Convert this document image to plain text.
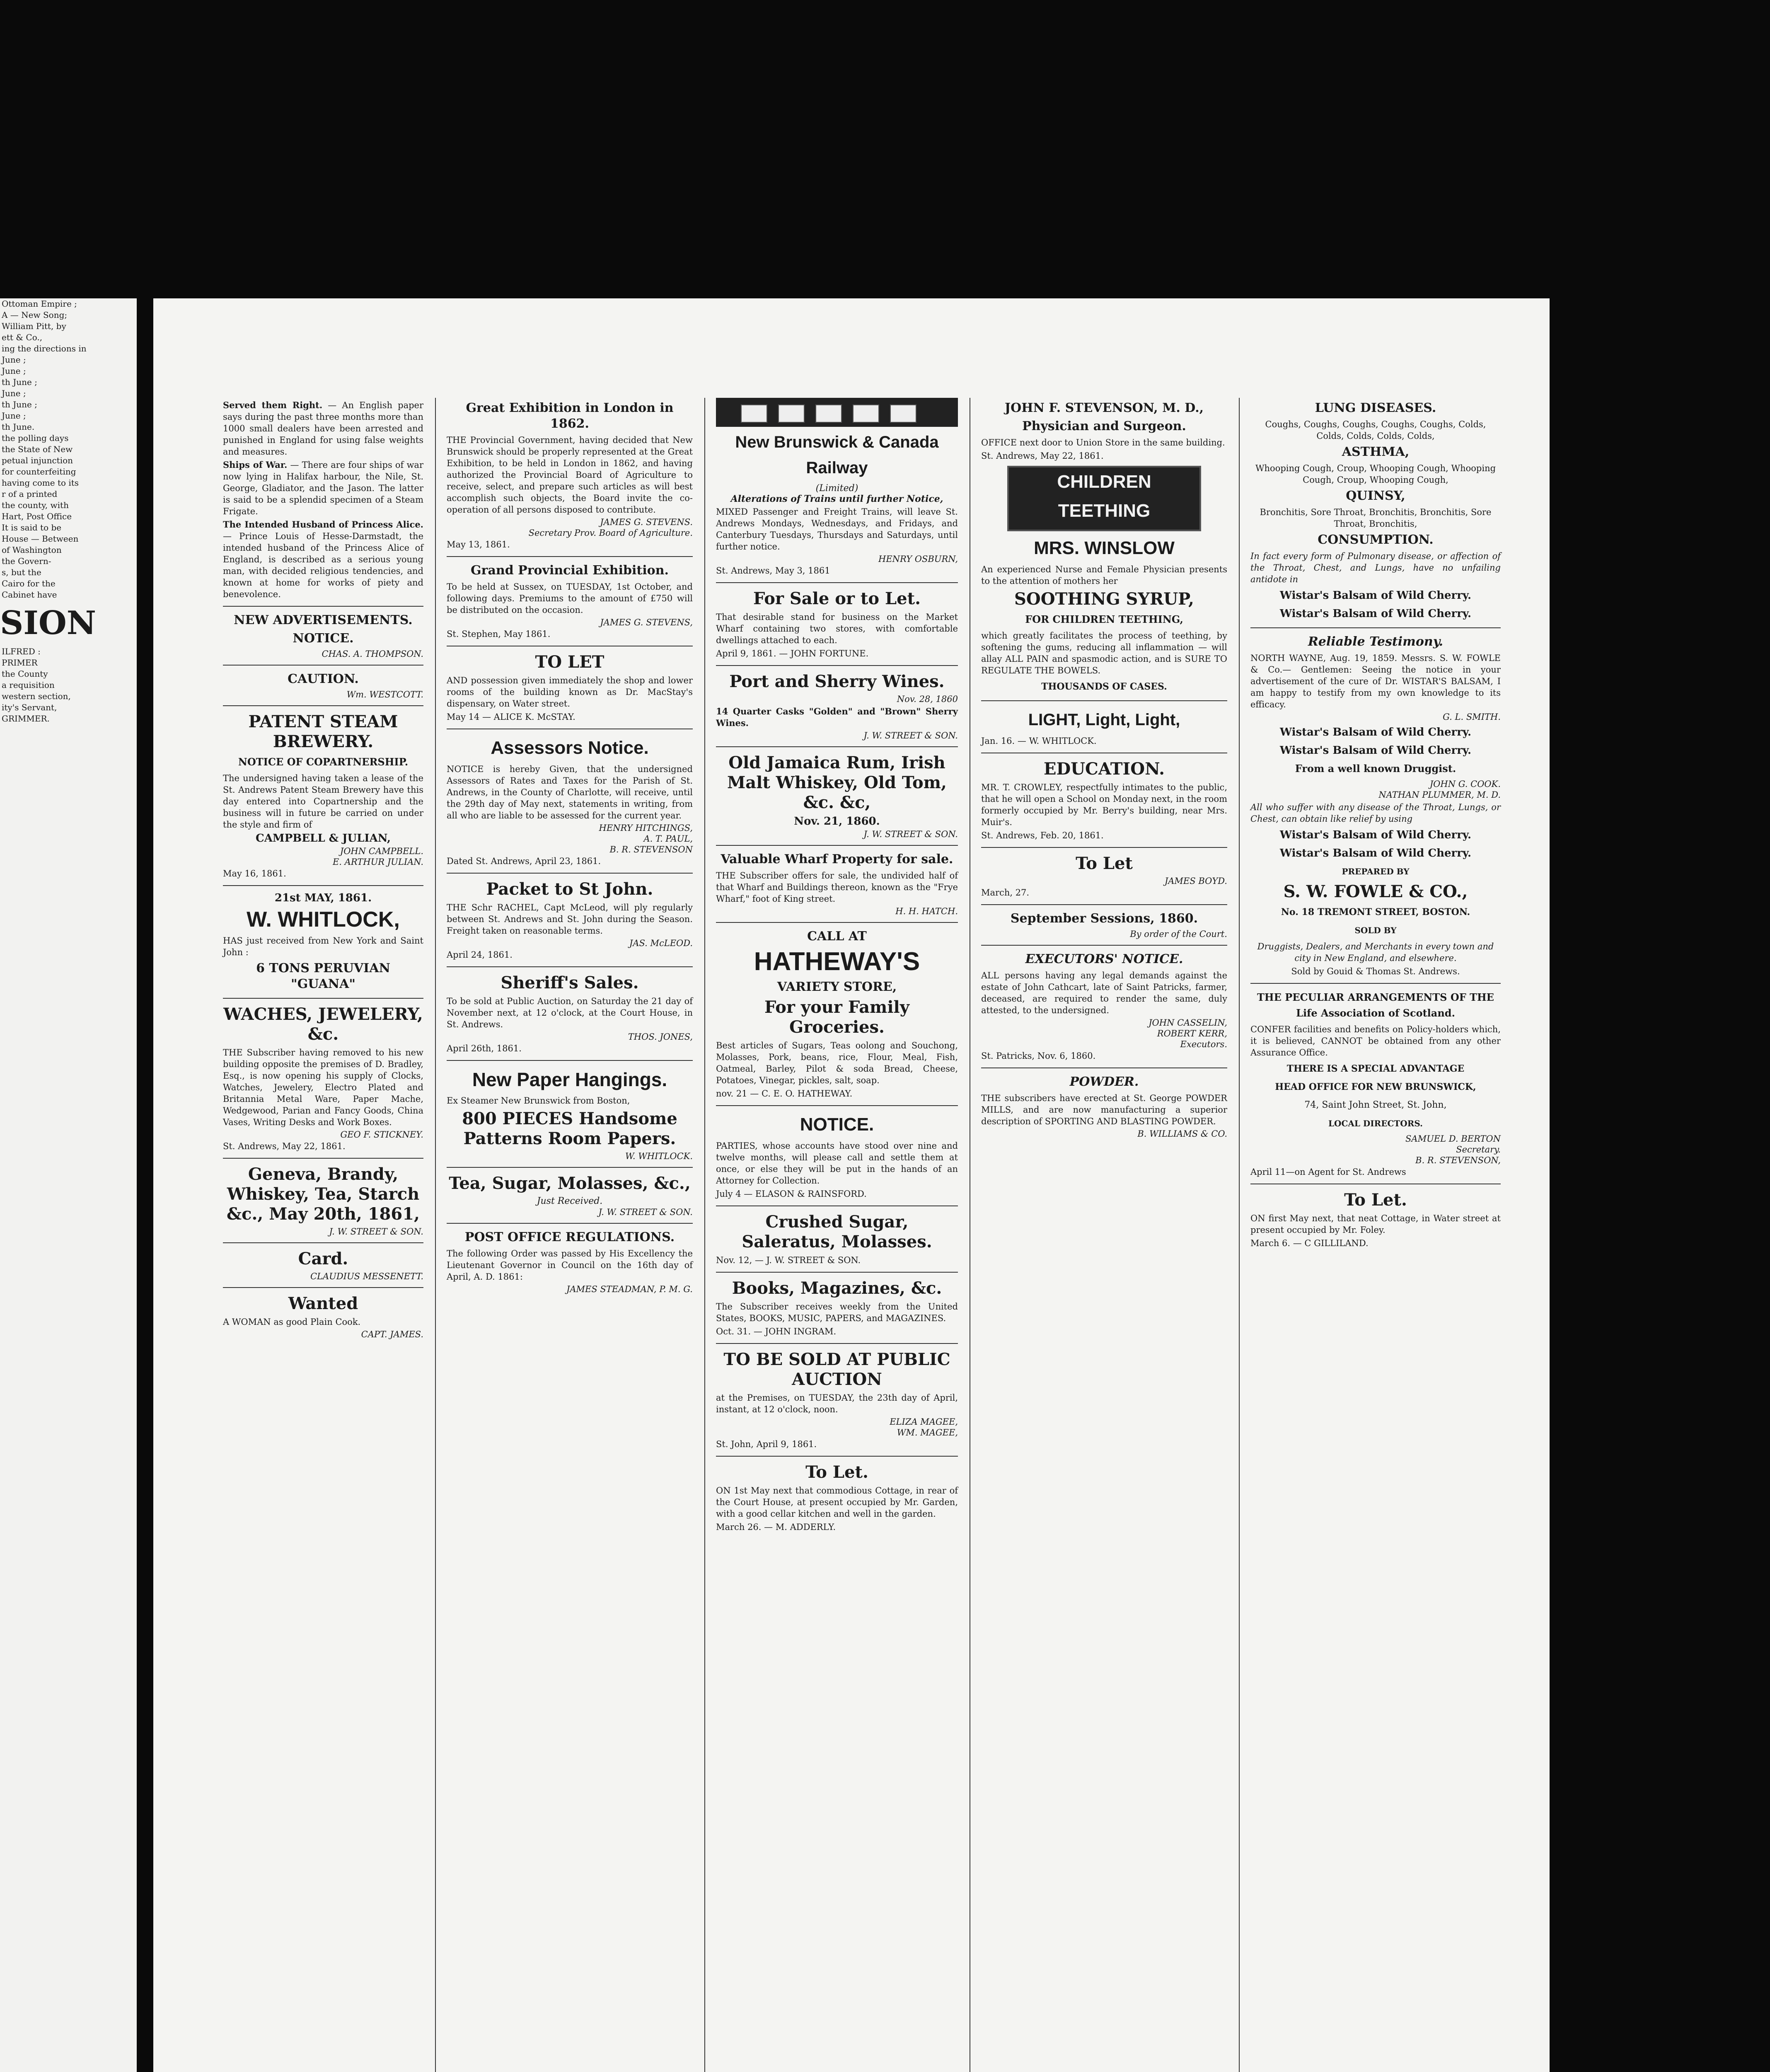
Ottoman Empire ;

A — New Song;

William Pitt, by

ett & Co.,

ing the directions in

June ;

June ;

th June ;

June ;

th June ;

June ;

th June.

the polling days

the State of New

petual injunction

for counterfeiting

having come to its

r of a printed

the county, with

Hart, Post Office

It is said to be

House — Between

of Washington

the Govern-

s, but the

Cairo for the

Cabinet have

SION

ILFRED :

PRIMER

the County

a requisition

western section,

ity's Servant,

GRIMMER.

Served them Right. — An English paper says during the past three months more than 1000 small dealers have been arrested and punished in England for using false weights and measures.

Ships of War. — There are four ships of war now lying in Halifax harbour, the Nile, St. George, Gladiator, and the Jason. The latter is said to be a splendid specimen of a Steam Frigate.

The Intended Husband of Princess Alice. — Prince Louis of Hesse-Darmstadt, the intended husband of the Princess Alice of England, is described as a serious young man, with decided religious tendencies, and known at home for works of piety and benevolence.

NEW ADVERTISEMENTS.
NOTICE.
CHAS. A. THOMPSON.
CAUTION.
Wm. WESTCOTT.
PATENT STEAM BREWERY.
NOTICE OF COPARTNERSHIP.

The undersigned having taken a lease of the St. Andrews Patent Steam Brewery have this day entered into Copartnership and the business will in future be carried on under the style and firm of

CAMPBELL & JULIAN,
JOHN CAMPBELL.
E. ARTHUR JULIAN.

May 16, 1861.

21st MAY, 1861.
W. WHITLOCK,

HAS just received from New York and Saint John :

6 TONS PERUVIAN "GUANA"
WACHES, JEWELERY, &c.

THE Subscriber having removed to his new building opposite the premises of D. Bradley, Esq., is now opening his supply of Clocks, Watches, Jewelery, Electro Plated and Britannia Metal Ware, Paper Mache, Wedgewood, Parian and Fancy Goods, China Vases, Writing Desks and Work Boxes.

GEO F. STICKNEY.

St. Andrews, May 22, 1861.

Geneva, Brandy, Whiskey, Tea, Starch &c., May 20th, 1861,
J. W. STREET & SON.
Card.
CLAUDIUS MESSENETT.
Wanted

A WOMAN as good Plain Cook.

CAPT. JAMES.
Great Exhibition in London in 1862.

THE Provincial Government, having decided that New Brunswick should be properly represented at the Great Exhibition, to be held in London in 1862, and having authorized the Provincial Board of Agriculture to receive, select, and prepare such articles as will best accomplish such objects, the Board invite the co-operation of all persons disposed to contribute.

JAMES G. STEVENS.
Secretary Prov. Board of Agriculture.

May 13, 1861.

Grand Provincial Exhibition.

To be held at Sussex, on TUESDAY, 1st October, and following days. Premiums to the amount of £750 will be distributed on the occasion.

JAMES G. STEVENS,

St. Stephen, May 1861.

TO LET

AND possession given immediately the shop and lower rooms of the building known as Dr. MacStay's dispensary, on Water street.

May 14 — ALICE K. McSTAY.

Assessors Notice.

NOTICE is hereby Given, that the undersigned Assessors of Rates and Taxes for the Parish of St. Andrews, in the County of Charlotte, will receive, until the 29th day of May next, statements in writing, from all who are liable to be assessed for the current year.

HENRY HITCHINGS,
A. T. PAUL,
B. R. STEVENSON

Dated St. Andrews, April 23, 1861.

Packet to St John.

THE Schr RACHEL, Capt McLeod, will ply regularly between St. Andrews and St. John during the Season. Freight taken on reasonable terms.

JAS. McLEOD.

April 24, 1861.

Sheriff's Sales.

To be sold at Public Auction, on Saturday the 21 day of November next, at 12 o'clock, at the Court House, in St. Andrews.

THOS. JONES,

April 26th, 1861.

New Paper Hangings.

Ex Steamer New Brunswick from Boston,

800 PIECES Handsome Patterns Room Papers.
W. WHITLOCK.
Tea, Sugar, Molasses, &c.,
Just Received.
J. W. STREET & SON.
POST OFFICE REGULATIONS.

The following Order was passed by His Excellency the Lieutenant Governor in Council on the 16th day of April, A. D. 1861:

JAMES STEADMAN, P. M. G.
New Brunswick & Canada Railway
(Limited)
Alterations of Trains until further Notice,

MIXED Passenger and Freight Trains, will leave St. Andrews Mondays, Wednesdays, and Fridays, and Canterbury Tuesdays, Thursdays and Saturdays, until further notice.

HENRY OSBURN,

St. Andrews, May 3, 1861

For Sale or to Let.

That desirable stand for business on the Market Wharf containing two stores, with comfortable dwellings attached to each.

April 9, 1861. — JOHN FORTUNE.

Port and Sherry Wines.
Nov. 28, 1860

14 Quarter Casks "Golden" and "Brown" Sherry Wines.

J. W. STREET & SON.
Old Jamaica Rum, Irish Malt Whiskey, Old Tom, &c. &c,
Nov. 21, 1860.
J. W. STREET & SON.
Valuable Wharf Property for sale.

THE Subscriber offers for sale, the undivided half of that Wharf and Buildings thereon, known as the "Frye Wharf," foot of King street.

H. H. HATCH.
CALL AT
HATHEWAY'S
VARIETY STORE,
For your Family Groceries.

Best articles of Sugars, Teas oolong and Souchong, Molasses, Pork, beans, rice, Flour, Meal, Fish, Oatmeal, Barley, Pilot & soda Bread, Cheese, Potatoes, Vinegar, pickles, salt, soap.

nov. 21 — C. E. O. HATHEWAY.

NOTICE.

PARTIES, whose accounts have stood over nine and twelve months, will please call and settle them at once, or else they will be put in the hands of an Attorney for Collection.

July 4 — ELASON & RAINSFORD.

Crushed Sugar, Saleratus, Molasses.

Nov. 12, — J. W. STREET & SON.

Books, Magazines, &c.

The Subscriber receives weekly from the United States, BOOKS, MUSIC, PAPERS, and MAGAZINES.

Oct. 31. — JOHN INGRAM.

TO BE SOLD AT PUBLIC AUCTION

at the Premises, on TUESDAY, the 23th day of April, instant, at 12 o'clock, noon.

ELIZA MAGEE,
WM. MAGEE,

St. John, April 9, 1861.

To Let.

ON 1st May next that commodious Cottage, in rear of the Court House, at present occupied by Mr. Garden, with a good cellar kitchen and well in the garden.

March 26. — M. ADDERLY.

JOHN F. STEVENSON, M. D.,
Physician and Surgeon.

OFFICE next door to Union Store in the same building.

St. Andrews, May 22, 1861.

CHILDREN TEETHING
MRS. WINSLOW

An experienced Nurse and Female Physician presents to the attention of mothers her

SOOTHING SYRUP,
FOR CHILDREN TEETHING,

which greatly facilitates the process of teething, by softening the gums, reducing all inflammation — will allay ALL PAIN and spasmodic action, and is SURE TO REGULATE THE BOWELS.

THOUSANDS OF CASES.
LIGHT, Light, Light,

Jan. 16. — W. WHITLOCK.

EDUCATION.

MR. T. CROWLEY, respectfully intimates to the public, that he will open a School on Monday next, in the room formerly occupied by Mr. Berry's building, near Mrs. Muir's.

St. Andrews, Feb. 20, 1861.

To Let
JAMES BOYD.

March, 27.

September Sessions, 1860.
By order of the Court.
EXECUTORS' NOTICE.

ALL persons having any legal demands against the estate of John Cathcart, late of Saint Patricks, farmer, deceased, are required to render the same, duly attested, to the undersigned.

JOHN CASSELIN,
ROBERT KERR,
Executors.

St. Patricks, Nov. 6, 1860.

POWDER.

THE subscribers have erected at St. George POWDER MILLS, and are now manufacturing a superior description of SPORTING AND BLASTING POWDER.

B. WILLIAMS & CO.
LUNG DISEASES.

Coughs, Coughs, Coughs, Coughs, Coughs, Colds, Colds, Colds, Colds, Colds,

ASTHMA,

Whooping Cough, Croup, Whooping Cough, Whooping Cough, Croup, Whooping Cough,

QUINSY,

Bronchitis, Sore Throat, Bronchitis, Bronchitis, Sore Throat, Bronchitis,

CONSUMPTION.

In fact every form of Pulmonary disease, or affection of the Throat, Chest, and Lungs, have no unfailing antidote in

Wistar's Balsam of Wild Cherry.
Wistar's Balsam of Wild Cherry.
Reliable Testimony.

NORTH WAYNE, Aug. 19, 1859. Messrs. S. W. FOWLE & Co.— Gentlemen: Seeing the notice in your advertisement of the cure of Dr. WISTAR'S BALSAM, I am happy to testify from my own knowledge to its efficacy.

G. L. SMITH.
Wistar's Balsam of Wild Cherry.
Wistar's Balsam of Wild Cherry.
From a well known Druggist.
JOHN G. COOK.
NATHAN PLUMMER, M. D.

All who suffer with any disease of the Throat, Lungs, or Chest, can obtain like relief by using

Wistar's Balsam of Wild Cherry.
Wistar's Balsam of Wild Cherry.
PREPARED BY
S. W. FOWLE & CO.,
No. 18 TREMONT STREET, BOSTON.
SOLD BY

Druggists, Dealers, and Merchants in every town and city in New England, and elsewhere.

Sold by Gouid & Thomas St. Andrews.

THE PECULIAR ARRANGEMENTS OF THE Life Association of Scotland.

CONFER facilities and benefits on Policy-holders which, it is believed, CANNOT be obtained from any other Assurance Office.

THERE IS A SPECIAL ADVANTAGE
HEAD OFFICE FOR NEW BRUNSWICK,
74, Saint John Street, St. John,
LOCAL DIRECTORS.
SAMUEL D. BERTON
Secretary.
B. R. STEVENSON,

April 11—on Agent for St. Andrews

To Let.

ON first May next, that neat Cottage, in Water street at present occupied by Mr. Foley.

March 6. — C GILLILAND.
